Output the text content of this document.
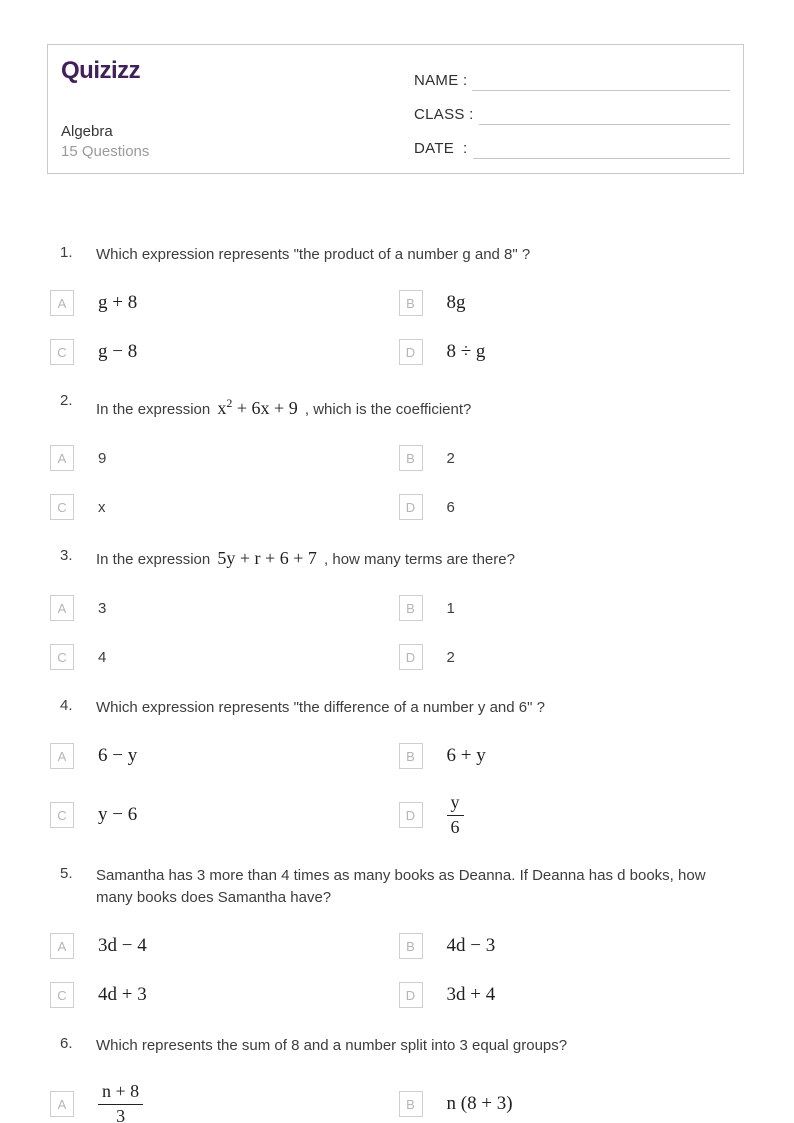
Quizizz
Algebra
15 Questions
NAME :
CLASS :
DATE  :
1.	Which expression represents "the product of a number g and 8" ?
A	g + 8	B	8g
C	g − 8	D	8 ÷ g
2.
In the expression $x^2 + 6x + 9$ , which is the coefficient?
A	9	B	2
C	x	D	6
3.	In the expression 5y + r + 6 + 7 , how many terms are there?
A	3	B	1
C	4	D	2
4.	Which expression represents "the difference of a number y and 6" ?
A	6 − y	B	6 + y
C	y − 6	D	$\frac{y}{6}$
5.	Samantha has 3 more than 4 times as many books as Deanna. If Deanna has d books, how many books does Samantha have?
A	3d − 4	B	4d − 3
C	4d + 3	D	3d + 4
6.	Which represents the sum of 8 and a number split into 3 equal groups?
A	$\frac{n + 8}{3}$	B	n (8 + 3)
